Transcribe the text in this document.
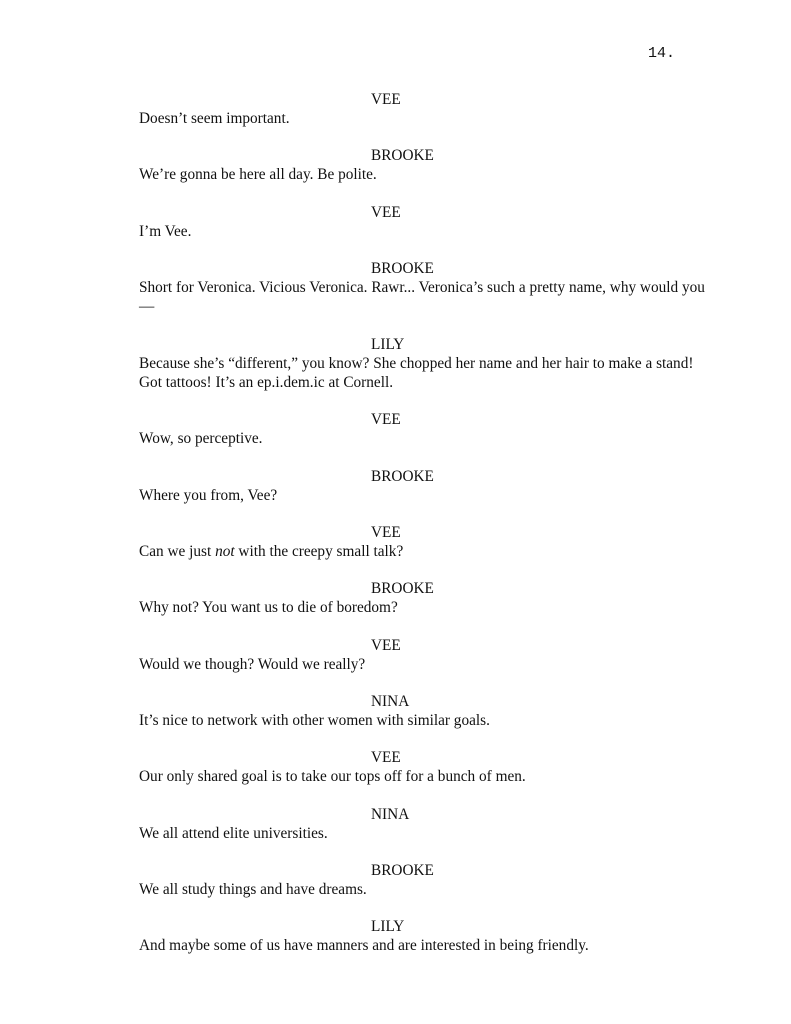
14.
VEE
Doesn’t seem important.
BROOKE
We’re gonna be here all day. Be polite.
VEE
I’m Vee.
BROOKE
Short for Veronica. Vicious Veronica. Rawr... Veronica’s such a pretty name, why would you—
LILY
Because she’s “different,” you know? She chopped her name and her hair to make a stand! Got tattoos! It’s an ep.i.dem.ic at Cornell.
VEE
Wow, so perceptive.
BROOKE
Where you from, Vee?
VEE
Can we just not with the creepy small talk?
BROOKE
Why not? You want us to die of boredom?
VEE
Would we though? Would we really?
NINA
It’s nice to network with other women with similar goals.
VEE
Our only shared goal is to take our tops off for a bunch of men.
NINA
We all attend elite universities.
BROOKE
We all study things and have dreams.
LILY
And maybe some of us have manners and are interested in being friendly.
